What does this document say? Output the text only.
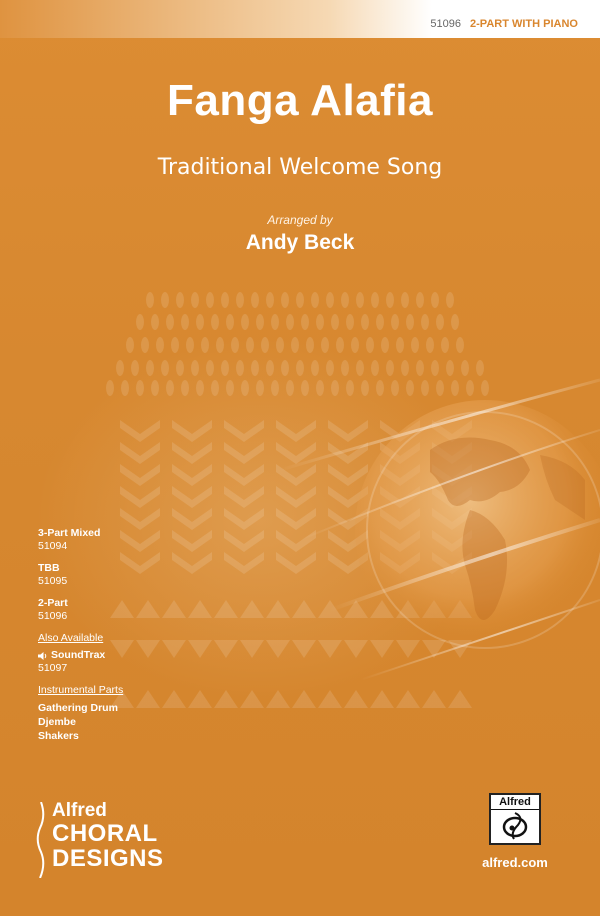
51096 2-PART WITH PIANO
Fanga Alafia
Traditional Welcome Song
Arranged by
Andy Beck
3-Part Mixed
51094
TBB
51095
2-Part
51096
Also Available
SoundTrax
51097
Instrumental Parts
Gathering Drum
Djembe
Shakers
Alfred
CHORAL
DESIGNS
Alfred
alfred.com
